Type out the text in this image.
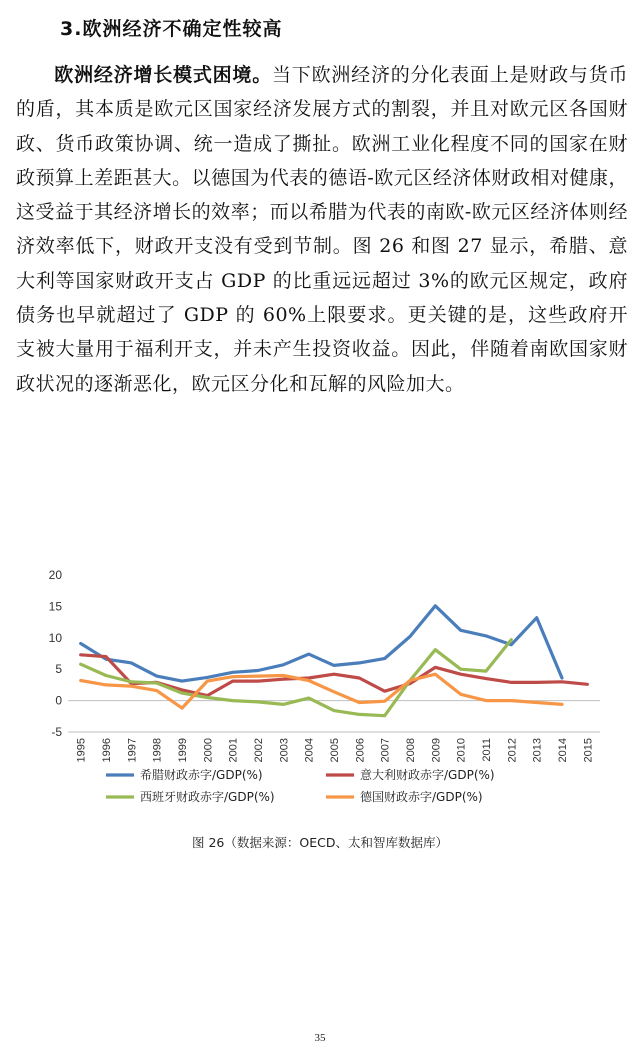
3.欧洲经济不确定性较高
欧洲经济增长模式困境。当下欧洲经济的分化表面上是财政与货币的盾，其本质是欧元区国家经济发展方式的割裂，并且对欧元区各国财政、货币政策协调、统一造成了撕扯。欧洲工业化程度不同的国家在财政预算上差距甚大。以德国为代表的德语-欧元区经济体财政相对健康，这受益于其经济增长的效率；而以希腊为代表的南欧-欧元区经济体则经济效率低下，财政开支没有受到节制。图 26 和图 27 显示，希腊、意大利等国家财政开支占 GDP 的比重远远超过 3%的欧元区规定，政府债务也早就超过了 GDP 的 60%上限要求。更关键的是，这些政府开支被大量用于福利开支，并未产生投资收益。因此，伴随着南欧国家财政状况的逐渐恶化，欧元区分化和瓦解的风险加大。
20
15
10
5
0
-5
1995 1996 1997 1998 1999 2000 2001 2002 2003 2004 2005 2006 2007 2008 2009 2010 2011 2012 2013 2014 2015
希腊财政赤字/GDP(%)	意大利财政赤字/GDP(%)
西班牙财政赤字/GDP(%)	德国财政赤字/GDP(%)
图 26（数据来源：OECD、太和智库数据库）
35
